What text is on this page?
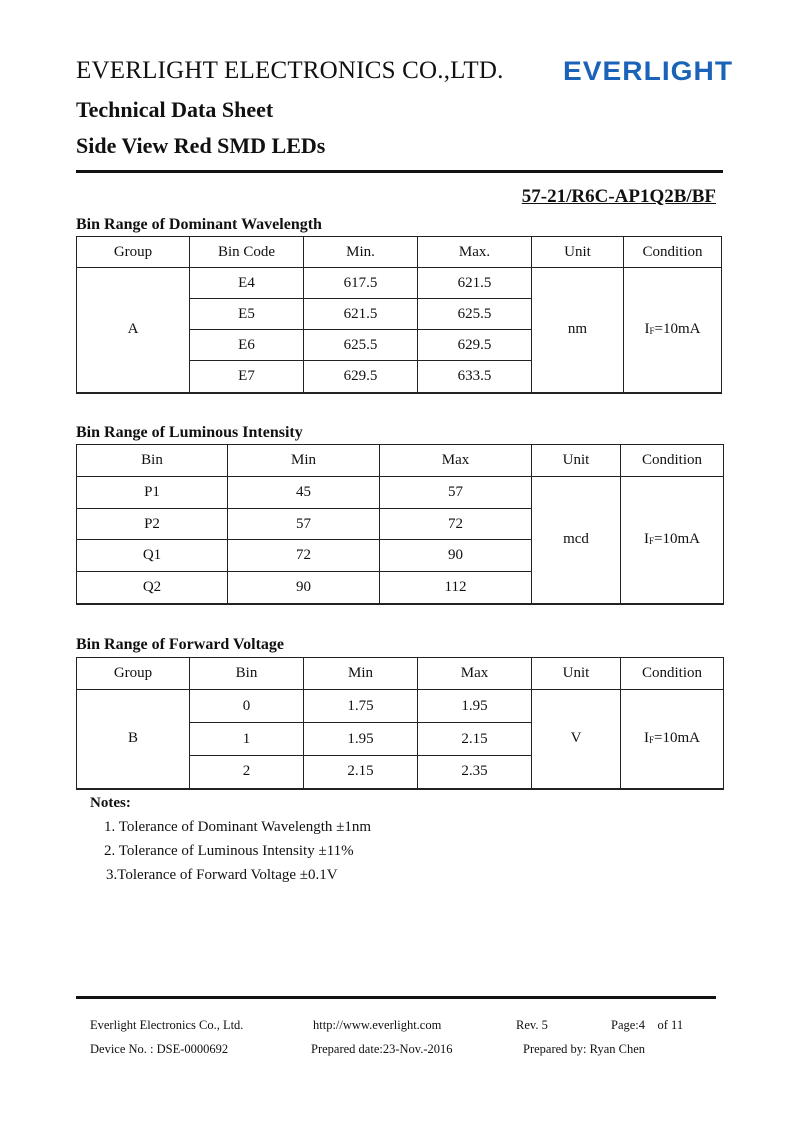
EVERLIGHT ELECTRONICS CO.,LTD. EVERLIGHT
Technical Data Sheet
Side View Red SMD LEDs
57-21/R6C-AP1Q2B/BF
Bin Range of Dominant Wavelength
Group	Bin Code	Min.	Max.	Unit	Condition
A	E4	617.5	621.5	nm	$I_F=10mA$
	E5	621.5	625.5		
	E6	625.5	629.5		
	E7	629.5	633.5		
Bin Range of Luminous Intensity
Bin	Min	Max	Unit	Condition
P1	45	57	mcd	$I_F=10mA$
P2	57	72		
Q1	72	90		
Q2	90	112		
Bin Range of Forward Voltage
Group	Bin	Min	Max	Unit	Condition
B	0	1.75	1.95	V	$I_F=10mA$
	1	1.95	2.15		
	2	2.15	2.35		
Notes:
1. Tolerance of Dominant Wavelength ±1nm
2. Tolerance of Luminous Intensity ±11%
3.Tolerance of Forward Voltage ±0.1V
Everlight Electronics Co., Ltd.	http://www.everlight.com	Rev. 5	Page:4    of 11
Device No. : DSE-0000692	Prepared date:23-Nov.-2016	Prepared by: Ryan Chen
